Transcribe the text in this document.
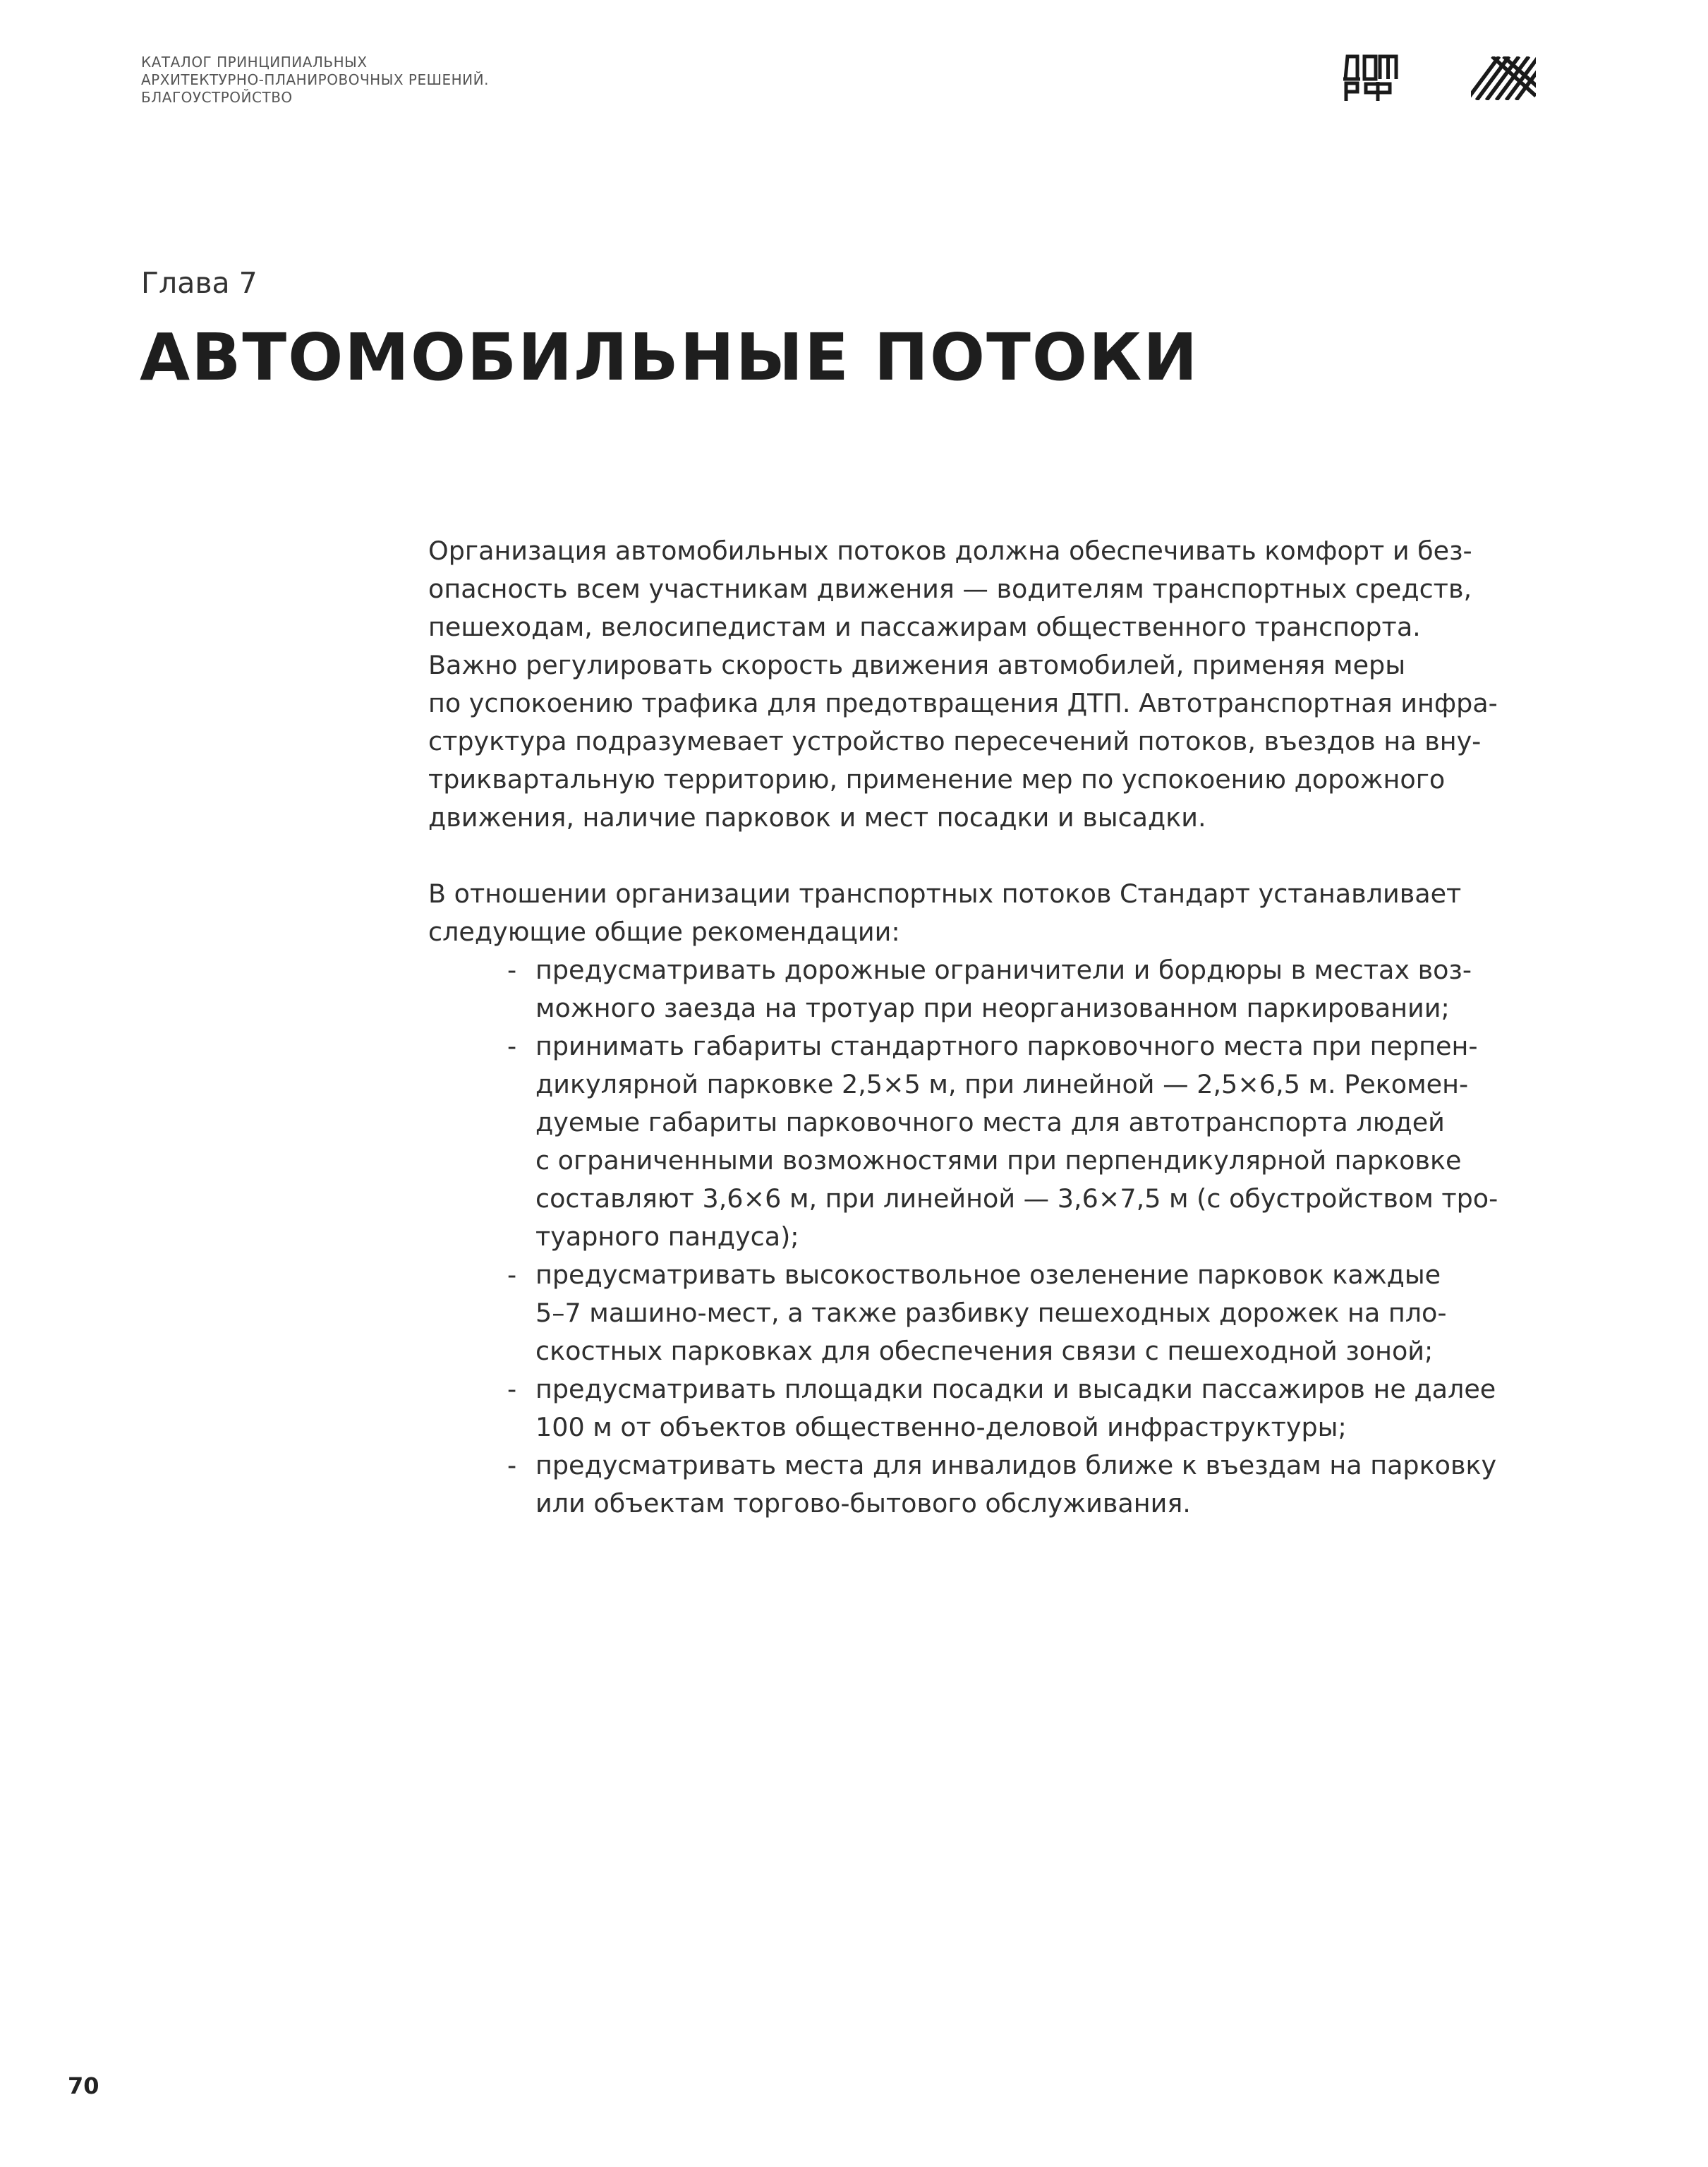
КАТАЛОГ ПРИНЦИПИАЛЬНЫХ
АРХИТЕКТУРНО-ПЛАНИРОВОЧНЫХ РЕШЕНИЙ.
БЛАГОУСТРОЙСТВО
Глава 7
АВТОМОБИЛЬНЫЕ ПОТОКИ
Организация автомобильных потоков должна обеспечивать комфорт и без-
опасность всем участникам движения — водителям транспортных средств,
пешеходам, велосипедистам и пассажирам общественного транспорта.
Важно регулировать скорость движения автомобилей, применяя меры
по успокоению трафика для предотвращения ДТП. Автотранспортная инфра-
структура подразумевает устройство пересечений потоков, въездов на вну-
триквартальную территорию, применение мер по успокоению дорожного
движения, наличие парковок и мест посадки и высадки.
В отношении организации транспортных потоков Стандарт устанавливает
следующие общие рекомендации:
- предусматривать дорожные ограничители и бордюры в местах воз-
можного заезда на тротуар при неорганизованном паркировании;
- принимать габариты стандартного парковочного места при перпен-
дикулярной парковке 2,5×5 м, при линейной — 2,5×6,5 м. Рекомен-
дуемые габариты парковочного места для автотранспорта людей
с ограниченными возможностями при перпендикулярной парковке
составляют 3,6×6 м, при линейной — 3,6×7,5 м (с обустройством тро-
туарного пандуса);
- предусматривать высокоствольное озеленение парковок каждые
5–7 машино-мест, а также разбивку пешеходных дорожек на пло-
скостных парковках для обеспечения связи с пешеходной зоной;
- предусматривать площадки посадки и высадки пассажиров не далее
100 м от объектов общественно-деловой инфраструктуры;
- предусматривать места для инвалидов ближе к въездам на парковку
или объектам торгово-бытового обслуживания.
70
